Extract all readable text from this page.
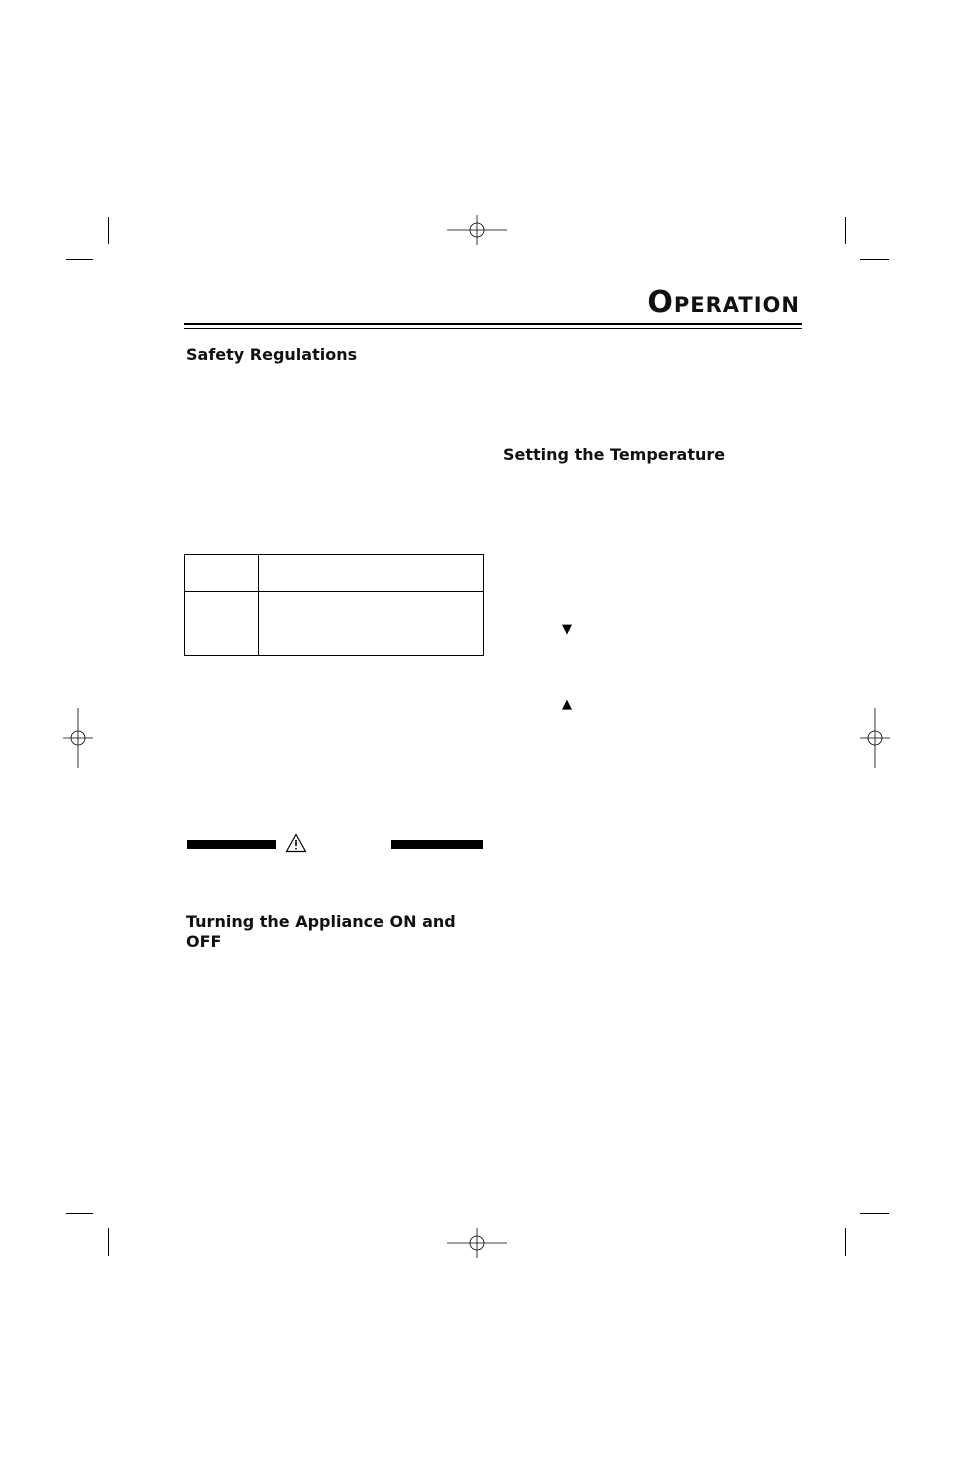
Operation
Safety Regulations

Turning the Appliance ON and
OFF
Setting the Temperature
▼
▲
